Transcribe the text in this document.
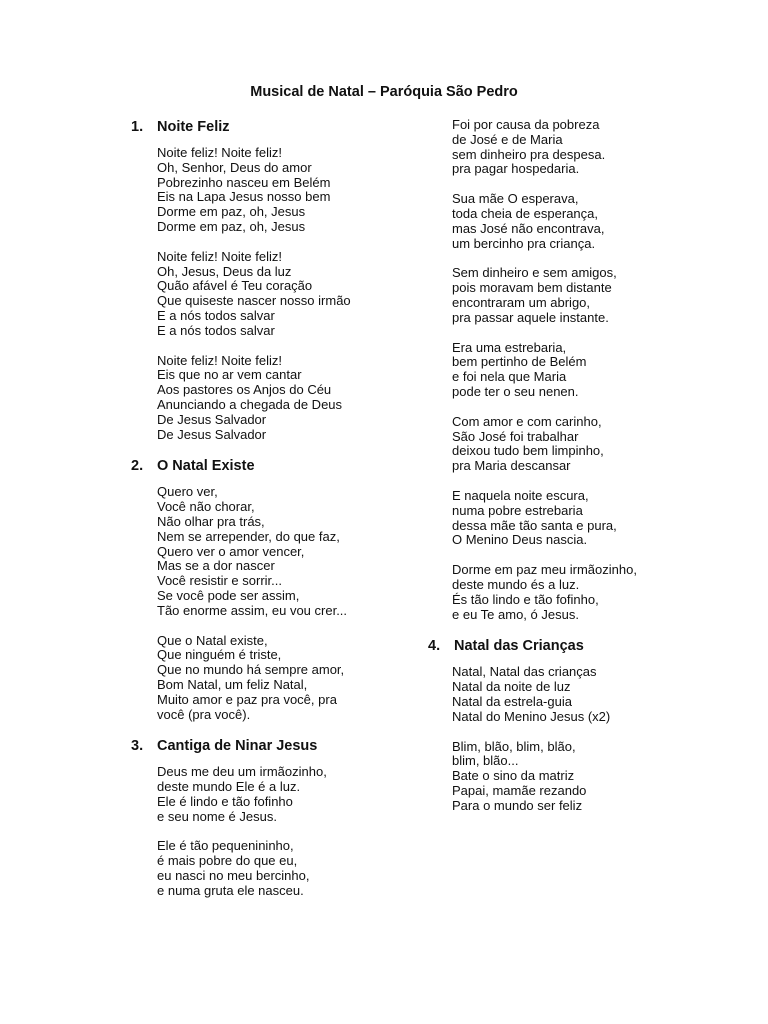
Musical de Natal – Paróquia São Pedro
1. Noite Feliz
Noite feliz! Noite feliz!
Oh, Senhor, Deus do amor
Pobrezinho nasceu em Belém
Eis na Lapa Jesus nosso bem
Dorme em paz, oh, Jesus
Dorme em paz, oh, Jesus
Noite feliz! Noite feliz!
Oh, Jesus, Deus da luz
Quão afável é Teu coração
Que quiseste nascer nosso irmão
E a nós todos salvar
E a nós todos salvar
Noite feliz! Noite feliz!
Eis que no ar vem cantar
Aos pastores os Anjos do Céu
Anunciando a chegada de Deus
De Jesus Salvador
De Jesus Salvador
2. O Natal Existe
Quero ver,
Você não chorar,
Não olhar pra trás,
Nem se arrepender, do que faz,
Quero ver o amor vencer,
Mas se a dor nascer
Você resistir e sorrir...
Se você pode ser assim,
Tão enorme assim, eu vou crer...
Que o Natal existe,
Que ninguém é triste,
Que no mundo há sempre amor,
Bom Natal, um feliz Natal,
Muito amor e paz pra você, pra
você (pra você).
3. Cantiga de Ninar Jesus
Deus me deu um irmãozinho,
deste mundo Ele é a luz.
Ele é lindo e tão fofinho
e seu nome é Jesus.
Ele é tão pequenininho,
é mais pobre do que eu,
eu nasci no meu bercinho,
e numa gruta ele nasceu.
Foi por causa da pobreza
de José e de Maria
sem dinheiro pra despesa.
pra pagar hospedaria.
Sua mãe O esperava,
toda cheia de esperança,
mas José não encontrava,
um bercinho pra criança.
Sem dinheiro e sem amigos,
pois moravam bem distante
encontraram um abrigo,
pra passar aquele instante.
Era uma estrebaria,
bem pertinho de Belém
e foi nela que Maria
pode ter o seu nenen.
Com amor e com carinho,
São José foi trabalhar
deixou tudo bem limpinho,
pra Maria descansar
E naquela noite escura,
numa pobre estrebaria
dessa mãe tão santa e pura,
O Menino Deus nascia.
Dorme em paz meu irmãozinho,
deste mundo és a luz.
És tão lindo e tão fofinho,
e eu Te amo, ó Jesus.
4. Natal das Crianças
Natal, Natal das crianças
Natal da noite de luz
Natal da estrela-guia
Natal do Menino Jesus (x2)
Blim, blão, blim, blão,
blim, blão...
Bate o sino da matriz
Papai, mamãe rezando
Para o mundo ser feliz
